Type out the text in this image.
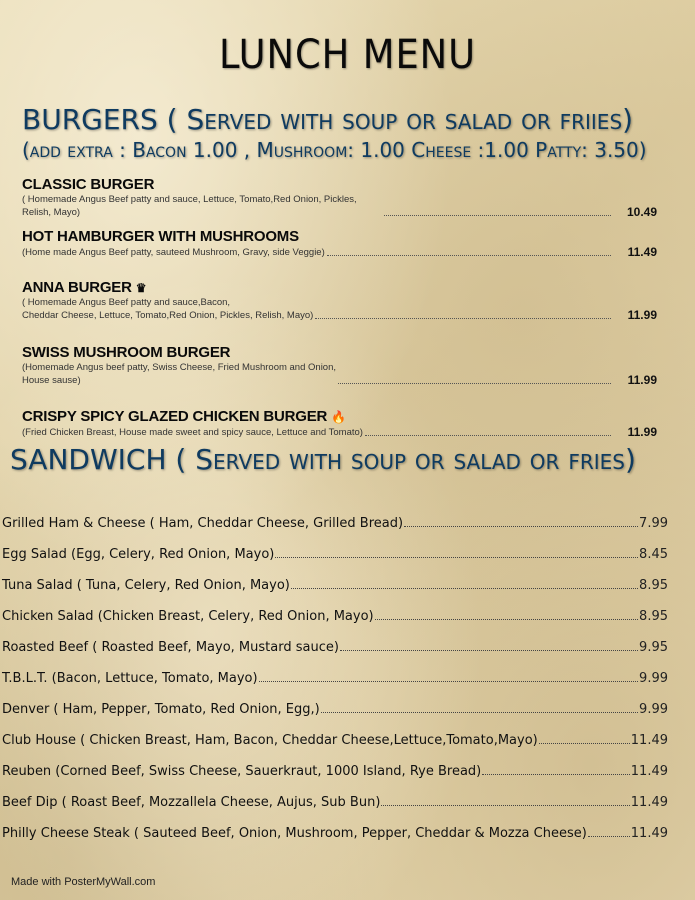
LUNCH MENU
BURGERS ( Served with soup or salad or friies)
(add extra : Bacon 1.00 , Mushroom: 1.00 Cheese :1.00 Patty: 3.50)
CLASSIC BURGER
( Homemade Angus Beef patty and sauce, Lettuce, Tomato,Red Onion, Pickles, Relish, Mayo)	10.49
HOT HAMBURGER WITH MUSHROOMS
(Home made Angus Beef patty, sauteed Mushroom, Gravy, side Veggie)	11.49
ANNA BURGER ♛
( Homemade Angus Beef patty and sauce,Bacon,
Cheddar Cheese, Lettuce, Tomato,Red Onion, Pickles, Relish, Mayo)	11.99
SWISS MUSHROOM BURGER
(Homemade Angus beef patty, Swiss Cheese, Fried Mushroom and Onion,
House sause)	11.99
CRISPY SPICY GLAZED CHICKEN BURGER 🔥
(Fried Chicken Breast, House made sweet and spicy sauce, Lettuce and Tomato)	11.99
SANDWICH ( Served with soup or salad or fries)
Grilled Ham & Cheese ( Ham, Cheddar Cheese, Grilled Bread)	7.99
Egg Salad (Egg, Celery, Red Onion, Mayo)	8.45
Tuna Salad ( Tuna, Celery, Red Onion, Mayo)	8.95
Chicken Salad (Chicken Breast, Celery, Red Onion, Mayo)	8.95
Roasted Beef ( Roasted Beef, Mayo, Mustard sauce)	9.95
T.B.L.T. (Bacon, Lettuce, Tomato, Mayo)	9.99
Denver ( Ham, Pepper, Tomato, Red Onion, Egg,)	9.99
Club House ( Chicken Breast, Ham, Bacon, Cheddar Cheese,Lettuce,Tomato,Mayo)	11.49
Reuben (Corned Beef, Swiss Cheese, Sauerkraut, 1000 Island, Rye Bread)	11.49
Beef Dip ( Roast Beef, Mozzallela Cheese, Aujus, Sub Bun)	11.49
Philly Cheese Steak ( Sauteed Beef, Onion, Mushroom, Pepper, Cheddar & Mozza Cheese)	11.49
Made with PosterMyWall.com
